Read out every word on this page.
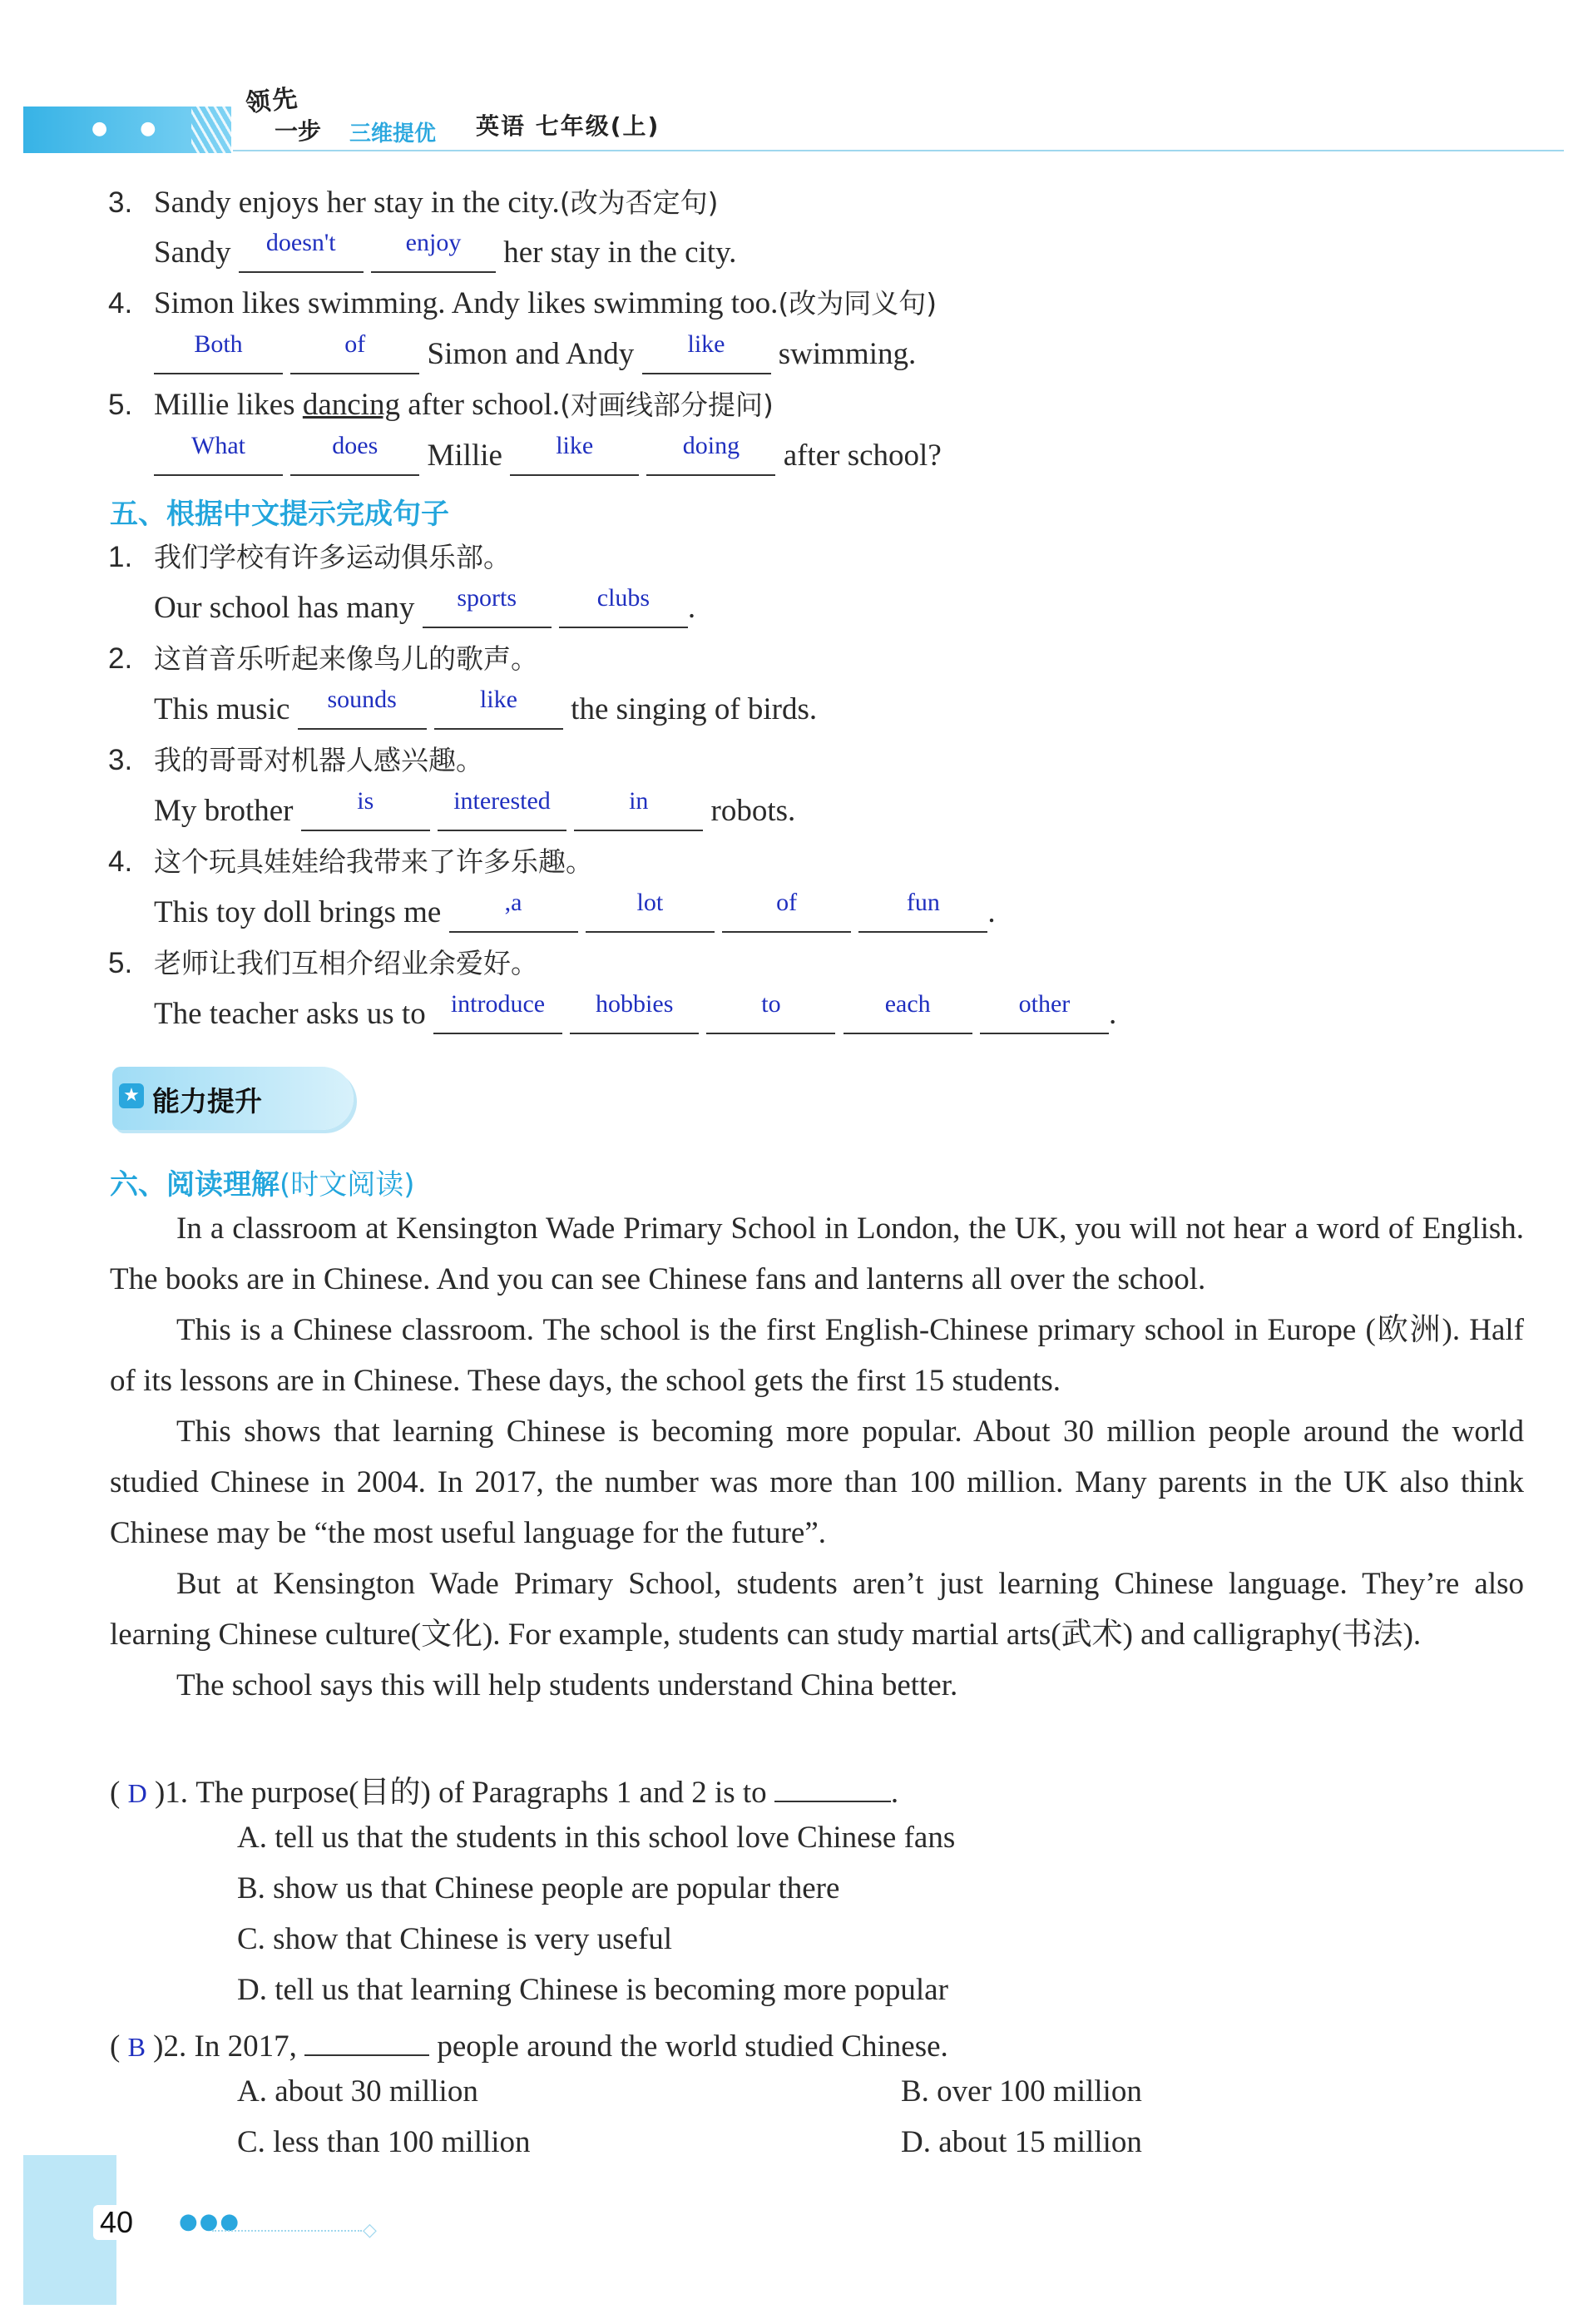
● ●
领先
一步 三维提优 英语 七年级(上)
3. Sandy enjoys her stay in the city.(改为否定句)
Sandy $^{doesn't}$	$^{enjoy}$ her stay in the city.
4. Simon likes swimming. Andy likes swimming too.(改为同义句)
$^{Both}$	$^{of}$ Simon and Andy $^{like}$ swimming.
5. Millie likes dancing after school.(对画线部分提问)
$^{What}$	$^{does}$ Millie $^{like}$	$^{doing}$ after school?
五、根据中文提示完成句子
1. 我们学校有许多运动俱乐部。
Our school has many $^{sports}$	$^{clubs}$ .
2. 这首音乐听起来像鸟儿的歌声。
This music $^{sounds}$	$^{like}$ the singing of birds.
3. 我的哥哥对机器人感兴趣。
My brother	$^{is}$	$^{interested}$	$^{in}$ robots.
4. 这个玩具娃娃给我带来了许多乐趣。
This toy doll brings me	$^{,a}$	$^{lot}$	$^{of}$	$^{fun}$ .
5. 老师让我们互相介绍业余爱好。
The teacher asks us to $^{introduce}$ $^{hobbies}$	$^{to}$	$^{each}$	$^{other}$ .
★ 能力提升
六、阅读理解(时文阅读)

In a classroom at Kensington Wade Primary School in London, the UK, you will not hear a word of English. The books are in Chinese. And you can see Chinese fans and lanterns all over the school.

This is a Chinese classroom. The school is the first English-Chinese primary school in Europe (欧洲). Half of its lessons are in Chinese. These days, the school gets the first 15 students.

This shows that learning Chinese is becoming more popular. About 30 million people around the world studied Chinese in 2004. In 2017, the number was more than 100 million. Many parents in the UK also think Chinese may be “the most useful language for the future”.

But at Kensington Wade Primary School, students aren’t just learning Chinese language. They’re also learning Chinese culture(文化). For example, students can study martial arts(武术) and calligraphy(书法).

The school says this will help students understand China better.

( D )1. The purpose(目的) of Paragraphs 1 and 2 is to	.
A. tell us that the students in this school love Chinese fans
B. show us that Chinese people are popular there
C. show that Chinese is very useful
D. tell us that learning Chinese is becoming more popular
( B )2. In 2017,	people around the world studied Chinese.
A. about 30 million	B. over 100 million
C. less than 100 million	D. about 15 million
40	●●●	◇
